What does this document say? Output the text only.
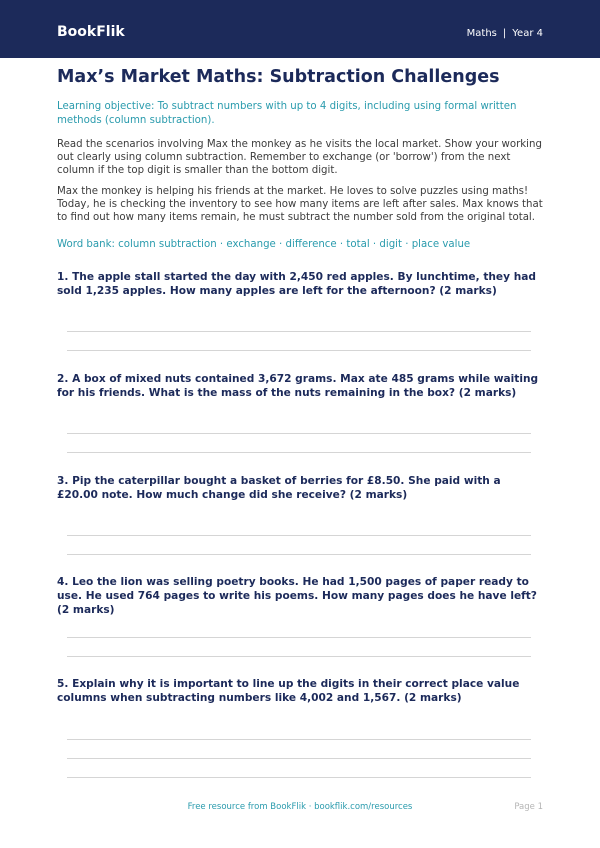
BookFlik	Maths | Year 4
Max’s Market Maths: Subtraction Challenges

Learning objective: To subtract numbers with up to 4 digits, including using formal written methods (column subtraction).

Read the scenarios involving Max the monkey as he visits the local market. Show your working out clearly using column subtraction. Remember to exchange (or 'borrow') from the next column if the top digit is smaller than the bottom digit.

Max the monkey is helping his friends at the market. He loves to solve puzzles using maths! Today, he is checking the inventory to see how many items are left after sales. Max knows that to find out how many items remain, he must subtract the number sold from the original total.

Word bank: column subtraction · exchange · difference · total · digit · place value

1. The apple stall started the day with 2,450 red apples. By lunchtime, they had sold 1,235 apples. How many apples are left for the afternoon? (2 marks)

2. A box of mixed nuts contained 3,672 grams. Max ate 485 grams while waiting for his friends. What is the mass of the nuts remaining in the box? (2 marks)

3. Pip the caterpillar bought a basket of berries for £8.50. She paid with a £20.00 note. How much change did she receive? (2 marks)

4. Leo the lion was selling poetry books. He had 1,500 pages of paper ready to use. He used 764 pages to write his poems. How many pages does he have left? (2 marks)

5. Explain why it is important to line up the digits in their correct place value columns when subtracting numbers like 4,002 and 1,567. (2 marks)

Free resource from BookFlik · bookflik.com/resources	Page 1
